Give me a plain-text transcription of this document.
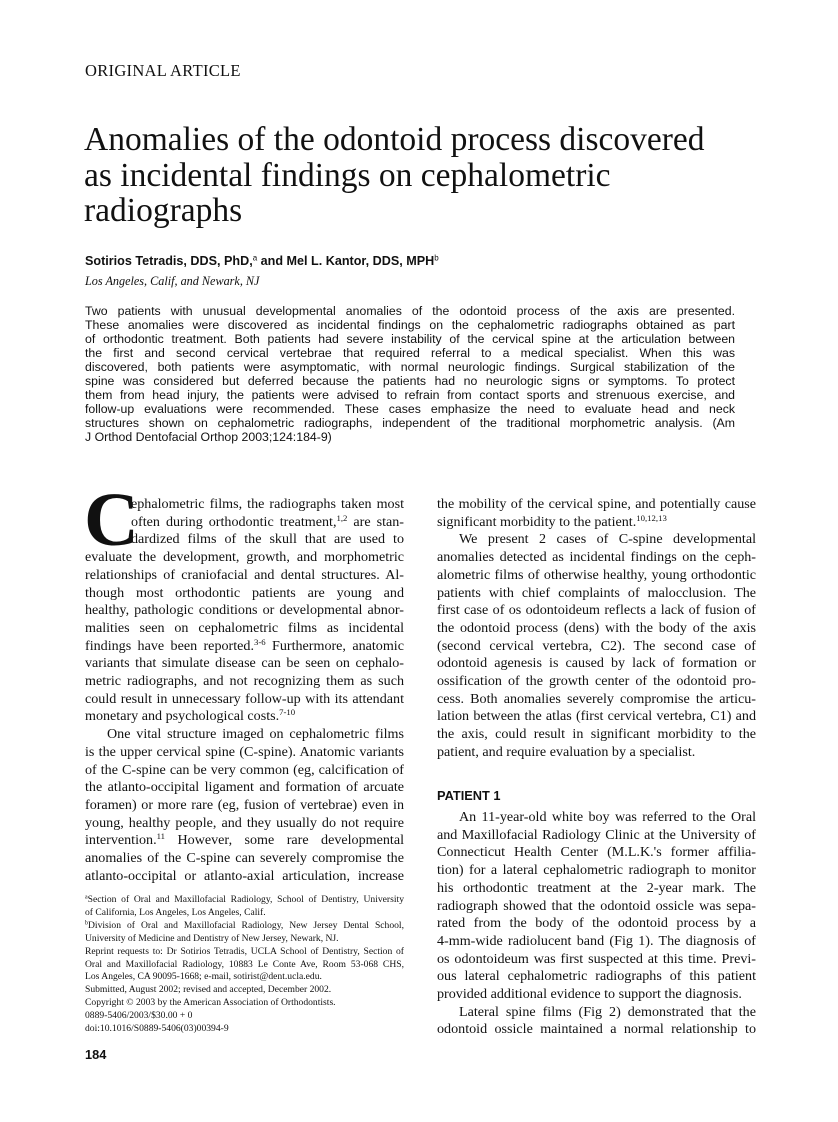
ORIGINAL ARTICLE
Anomalies of the odontoid process discovered
as incidental findings on cephalometric
radiographs
Sotirios Tetradis, DDS, PhD,$^a$ and Mel L. Kantor, DDS, MPH$^b$
Los Angeles, Calif, and Newark, NJ
Two patients with unusual developmental anomalies of the odontoid process of the axis are presented.
These anomalies were discovered as incidental findings on the cephalometric radiographs obtained as part
of orthodontic treatment. Both patients had severe instability of the cervical spine at the articulation between
the first and second cervical vertebrae that required referral to a medical specialist. When this was
discovered, both patients were asymptomatic, with normal neurologic findings. Surgical stabilization of the
spine was considered but deferred because the patients had no neurologic signs or symptoms. To protect
them from head injury, the patients were advised to refrain from contact sports and strenuous exercise, and
follow-up evaluations were recommended. These cases emphasize the need to evaluate head and neck
structures shown on cephalometric radiographs, independent of the traditional morphometric analysis. (Am
J Orthod Dentofacial Orthop 2003;124:184-9)
C
ephalometric films, the radiographs taken most
often during orthodontic treatment,$^{1,2}$ are stan-
dardized films of the skull that are used to
evaluate the development, growth, and morphometric
relationships of craniofacial and dental structures. Al-
though most orthodontic patients are young and
healthy, pathologic conditions or developmental abnor-
malities seen on cephalometric films as incidental
findings have been reported.$^{3-6}$ Furthermore, anatomic
variants that simulate disease can be seen on cephalo-
metric radiographs, and not recognizing them as such
could result in unnecessary follow-up with its attendant
monetary and psychological costs.$^{7-10}$
One vital structure imaged on cephalometric films
is the upper cervical spine (C-spine). Anatomic variants
of the C-spine can be very common (eg, calcification of
the atlanto-occipital ligament and formation of arcuate
foramen) or more rare (eg, fusion of vertebrae) even in
young, healthy people, and they usually do not require
intervention.$^{11}$ However, some rare developmental
anomalies of the C-spine can severely compromise the
atlanto-occipital or atlanto-axial articulation, increase
the mobility of the cervical spine, and potentially cause
significant morbidity to the patient.$^{10,12,13}$
We present 2 cases of C-spine developmental
anomalies detected as incidental findings on the ceph-
alometric films of otherwise healthy, young orthodontic
patients with chief complaints of malocclusion. The
first case of os odontoideum reflects a lack of fusion of
the odontoid process (dens) with the body of the axis
(second cervical vertebra, C2). The second case of
odontoid agenesis is caused by lack of formation or
ossification of the growth center of the odontoid pro-
cess. Both anomalies severely compromise the articu-
lation between the atlas (first cervical vertebra, C1) and
the axis, could result in significant morbidity to the
patient, and require evaluation by a specialist.
PATIENT 1
An 11-year-old white boy was referred to the Oral
and Maxillofacial Radiology Clinic at the University of
Connecticut Health Center (M.L.K.'s former affilia-
tion) for a lateral cephalometric radiograph to monitor
his orthodontic treatment at the 2-year mark. The
radiograph showed that the odontoid ossicle was sepa-
rated from the body of the odontoid process by a
4-mm-wide radiolucent band (Fig 1). The diagnosis of
os odontoideum was first suspected at this time. Previ-
ous lateral cephalometric radiographs of this patient
provided additional evidence to support the diagnosis.
Lateral spine films (Fig 2) demonstrated that the
odontoid ossicle maintained a normal relationship to
$^a$Section of Oral and Maxillofacial Radiology, School of Dentistry, University
of California, Los Angeles, Los Angeles, Calif.
$^b$Division of Oral and Maxillofacial Radiology, New Jersey Dental School,
University of Medicine and Dentistry of New Jersey, Newark, NJ.
Reprint requests to: Dr Sotirios Tetradis, UCLA School of Dentistry, Section of
Oral and Maxillofacial Radiology, 10883 Le Conte Ave, Room 53-068 CHS,
Los Angeles, CA 90095-1668; e-mail, sotirist@dent.ucla.edu.
Submitted, August 2002; revised and accepted, December 2002.
Copyright © 2003 by the American Association of Orthodontists.
0889-5406/2003/$30.00 + 0
doi:10.1016/S0889-5406(03)00394-9
184
